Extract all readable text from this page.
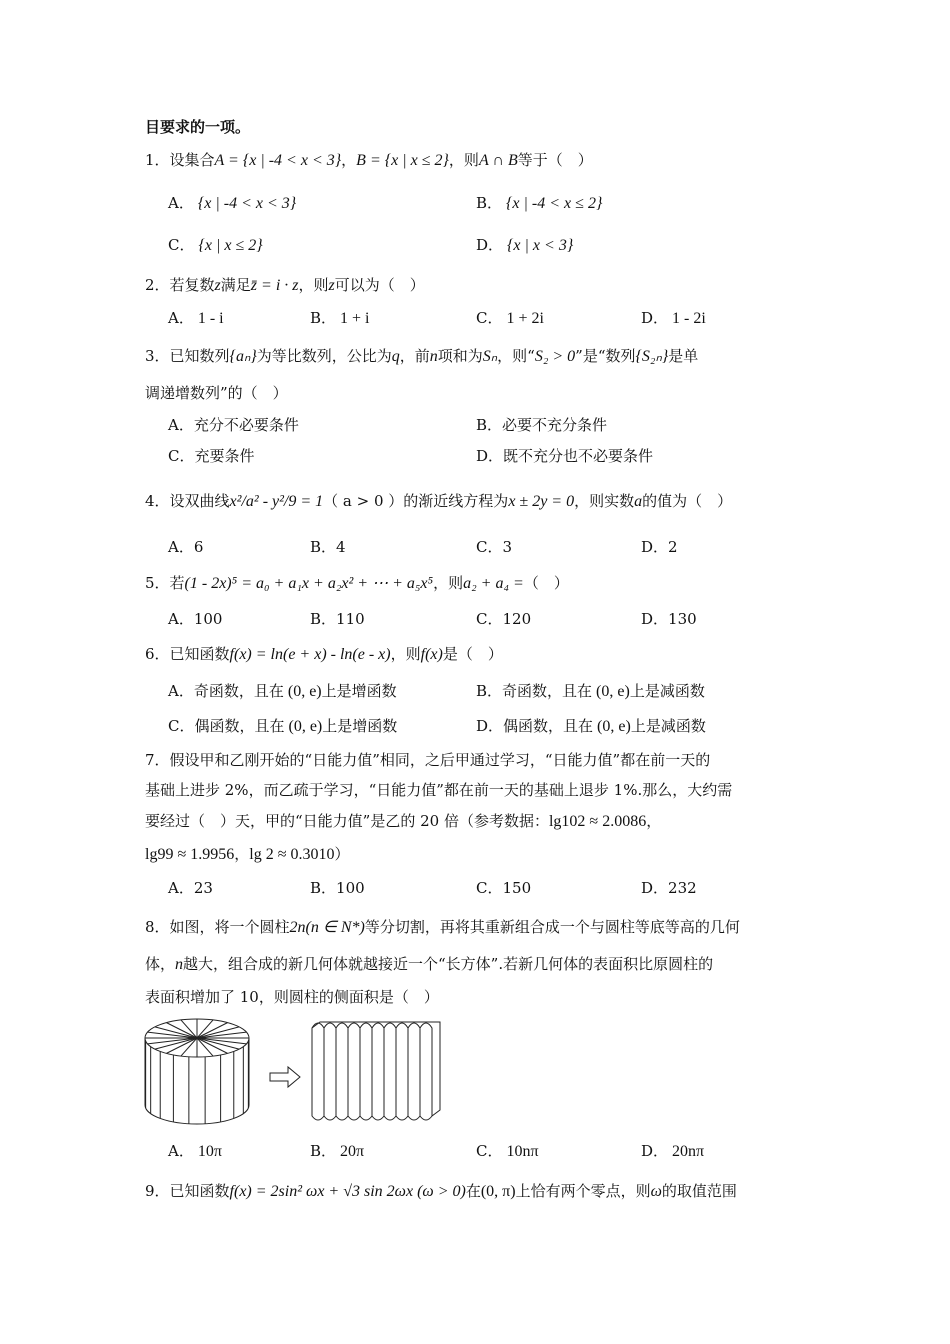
目要求的一项。
1．设集合A = {x | -4 < x < 3}，B = {x | x ≤ 2}，则A ∩ B等于（　）
A． {x | -4 < x < 3}	B． {x | -4 < x ≤ 2}
C． {x | x ≤ 2}	D． {x | x < 3}
2．若复数z满足z̄ = i · z，则z可以为（　）
A． 1 - i	B． 1 + i	C． 1 + 2i	D． 1 - 2i
3．已知数列{aₙ}为等比数列，公比为q，前n项和为Sₙ，则“S₂ > 0”是“数列{S₂ₙ}是单
调递增数列”的（　）
A．充分不必要条件	B．必要不充分条件
C．充要条件	D．既不充分也不必要条件
4．设双曲线x²/a² - y²/9 = 1（ a > 0 ）的渐近线方程为x ± 2y = 0，则实数a的值为（　）
A．6	B．4	C．3	D．2
5．若(1 - 2x)⁵ = a₀ + a₁x + a₂x² + ⋯ + a₅x⁵，则a₂ + a₄ =（　）
A．100	B．110	C．120	D．130
6．已知函数f(x) = ln(e + x) - ln(e - x)，则f(x)是（　）
A．奇函数，且在 (0, e)上是增函数	B．奇函数，且在 (0, e)上是减函数
C．偶函数，且在 (0, e)上是增函数	D．偶函数，且在 (0, e)上是减函数
7．假设甲和乙刚开始的“日能力值”相同，之后甲通过学习，“日能力值”都在前一天的
基础上进步 2%，而乙疏于学习，“日能力值”都在前一天的基础上退步 1%.那么，大约需
要经过（　）天，甲的“日能力值”是乙的 20 倍（参考数据：lg102 ≈ 2.0086，
lg99 ≈ 1.9956，lg 2 ≈ 0.3010）
A．23	B．100	C．150	D．232
8．如图，将一个圆柱2n(n ∈ N*)等分切割，再将其重新组合成一个与圆柱等底等高的几何
体，n越大，组合成的新几何体就越接近一个“长方体”.若新几何体的表面积比原圆柱的
表面积增加了 10，则圆柱的侧面积是（　）
A． 10π	B． 20π	C． 10nπ	D． 20nπ
9．已知函数f(x) = 2sin² ωx + √3 sin 2ωx (ω > 0)在(0, π)上恰有两个零点，则ω的取值范围
